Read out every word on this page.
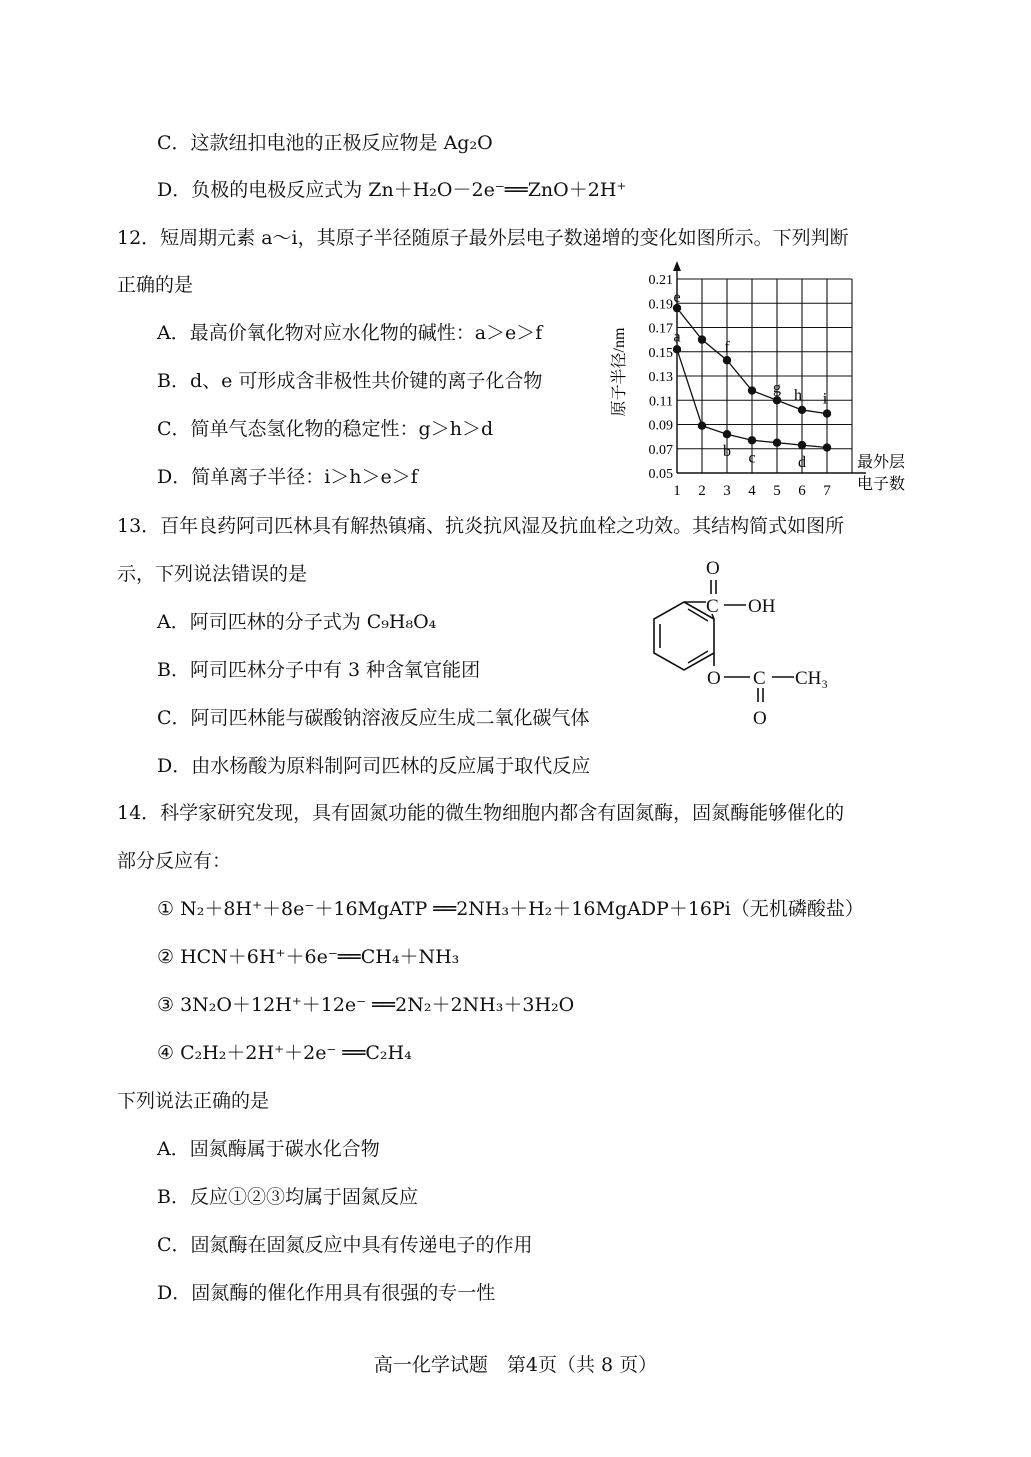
C．这款纽扣电池的正极反应物是 Ag₂O
D．负极的电极反应式为 Zn＋H₂O－2e⁻══ZnO＋2H⁺
12．短周期元素 a～i，其原子半径随原子最外层电子数递增的变化如图所示。下列判断
正确的是
A．最高价氧化物对应水化物的碱性：a＞e＞f
B．d、e 可形成含非极性共价键的离子化合物
C．简单气态氢化物的稳定性：g＞h＞d
D．简单离子半径：i＞h＞e＞f
0.21
0.19
0.17
0.15
0.13
0.11
0.09
0.07
0.05
1 2 3 4 5 6 7
e
f
g h i
a
b c	d
原子半径/nm
最外层
电子数
13．百年良药阿司匹林具有解热镇痛、抗炎抗风湿及抗血栓之功效。其结构简式如图所
示，下列说法错误的是
A．阿司匹林的分子式为 C₉H₈O₄
B．阿司匹林分子中有 3 种含氧官能团
C．阿司匹林能与碳酸钠溶液反应生成二氧化碳气体
D．由水杨酸为原料制阿司匹林的反应属于取代反应
O
C OH
O C CH₃
O
14．科学家研究发现，具有固氮功能的微生物细胞内都含有固氮酶，固氮酶能够催化的
部分反应有：
① N₂＋8H⁺＋8e⁻＋16MgATP ══2NH₃＋H₂＋16MgADP＋16Pi（无机磷酸盐）
② HCN＋6H⁺＋6e⁻══CH₄＋NH₃
③ 3N₂O＋12H⁺＋12e⁻ ══2N₂＋2NH₃＋3H₂O
④ C₂H₂＋2H⁺＋2e⁻ ══C₂H₄
下列说法正确的是
A．固氮酶属于碳水化合物
B．反应①②③均属于固氮反应
C．固氮酶在固氮反应中具有传递电子的作用
D．固氮酶的催化作用具有很强的专一性
高一化学试题　第4页（共 8 页）
